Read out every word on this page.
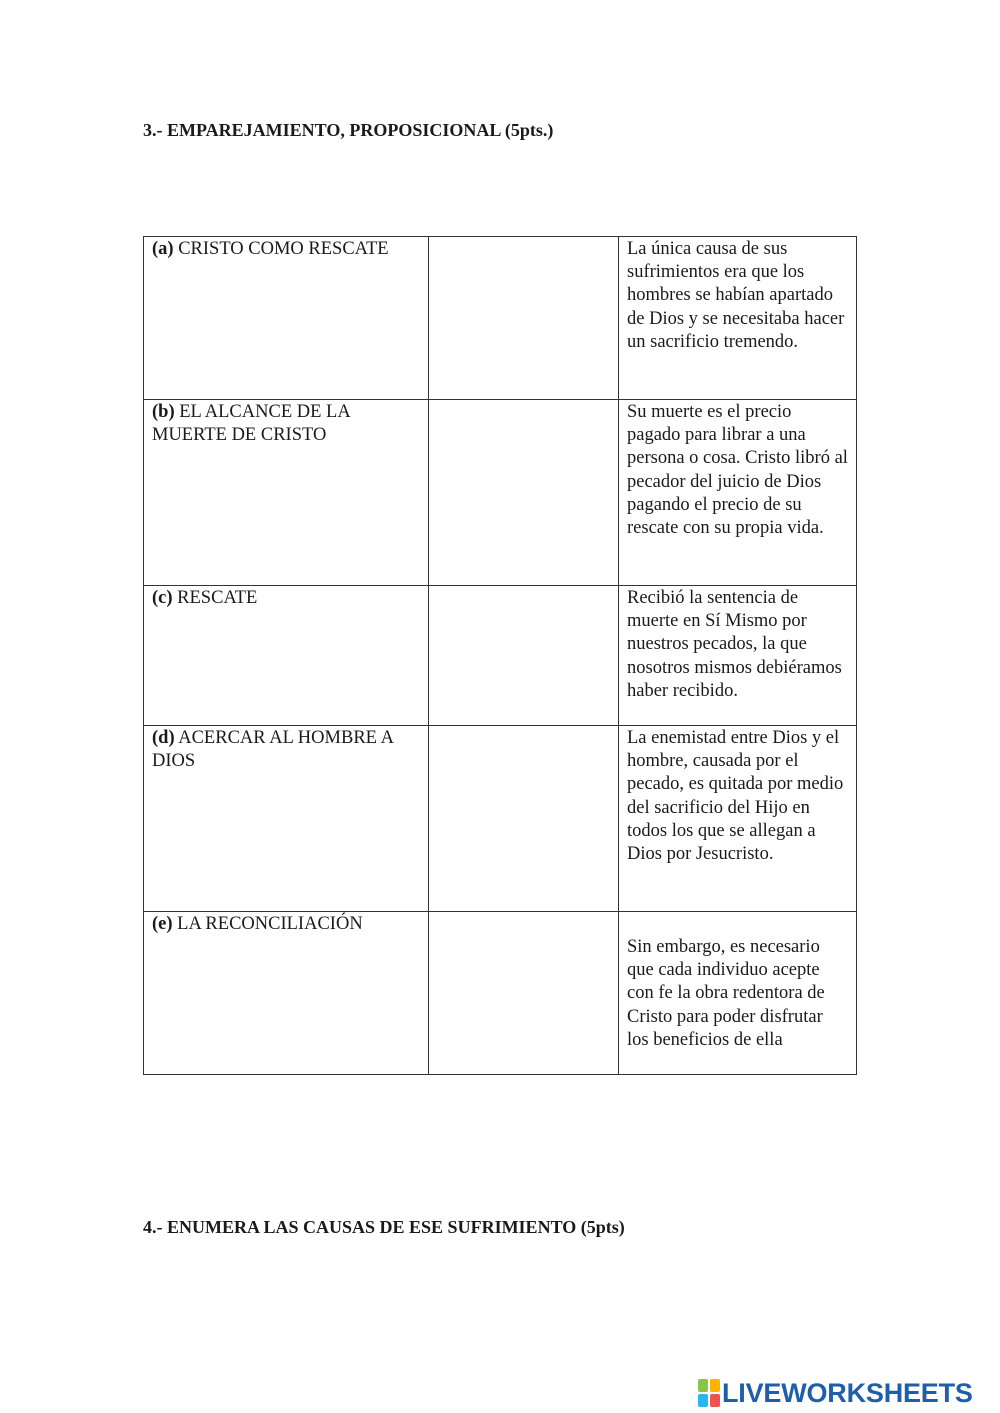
3.- EMPAREJAMIENTO, PROPOSICIONAL (5pts.)
(a) CRISTO COMO RESCATE		La única causa de sus sufrimientos era que los hombres se habían apartado de Dios y se necesitaba hacer un sacrificio tremendo.
(b) EL ALCANCE DE LA MUERTE DE CRISTO		Su muerte es el precio pagado para librar a una persona o cosa. Cristo libró al pecador del juicio de Dios pagando el precio de su rescate con su propia vida.
(c) RESCATE		Recibió la sentencia de muerte en Sí Mismo por nuestros pecados, la que nosotros mismos debiéramos haber recibido.
(d) ACERCAR AL HOMBRE A DIOS		La enemistad entre Dios y el hombre, causada por el pecado, es quitada por medio del sacrificio del Hijo en todos los que se allegan a Dios por Jesucristo.
(e) LA RECONCILIACIÓN		Sin embargo, es necesario que cada individuo acepte con fe la obra redentora de Cristo para poder disfrutar los beneficios de ella
4.- ENUMERA LAS CAUSAS DE ESE SUFRIMIENTO (5pts)
LIVEWORKSHEETS
